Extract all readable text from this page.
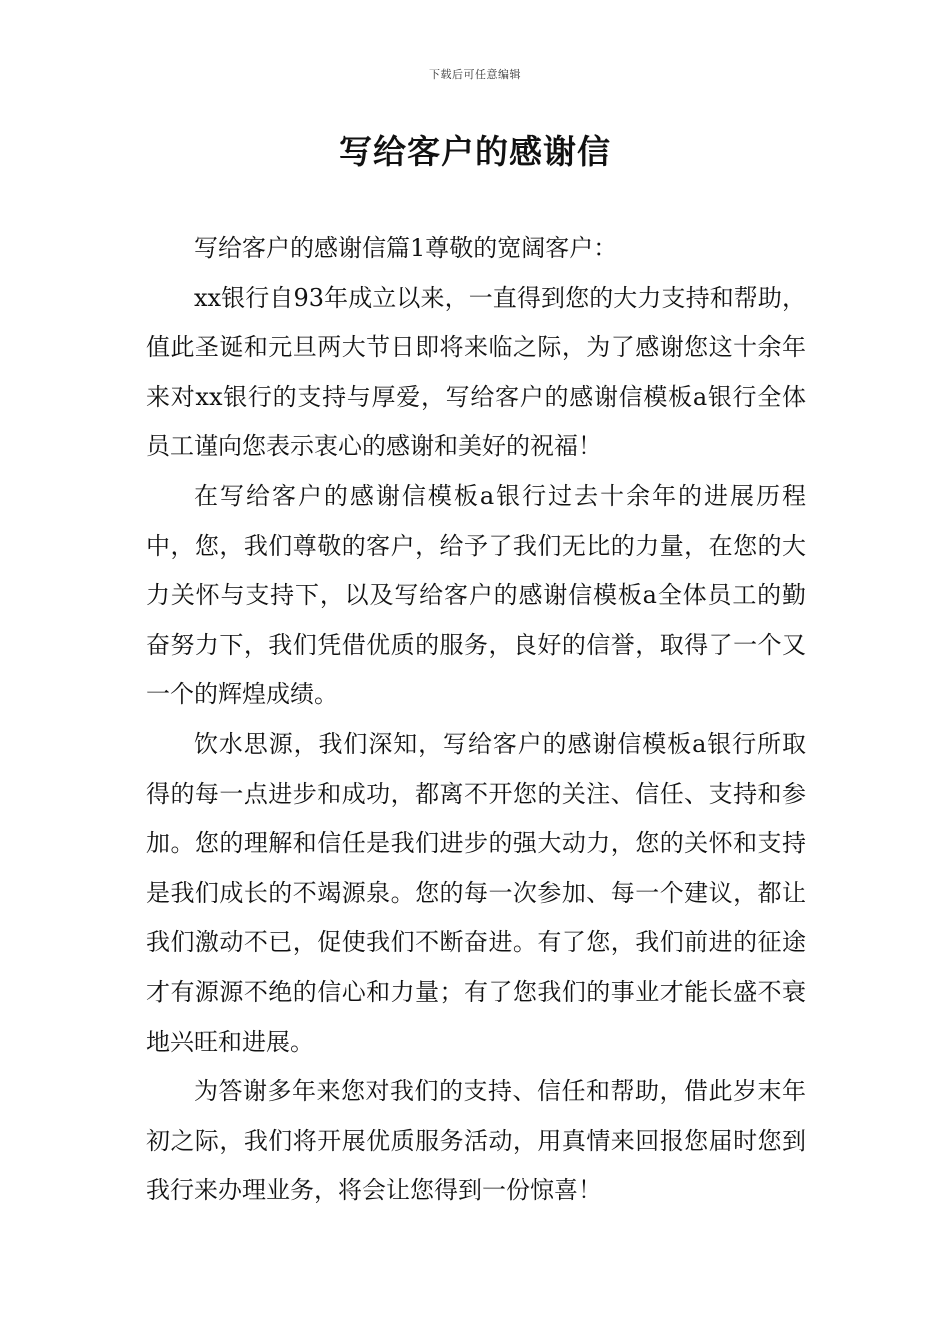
下载后可任意编辑
写给客户的感谢信

写给客户的感谢信篇1尊敬的宽阔客户：

xx银行自93年成立以来，一直得到您的大力支持和帮助，值此圣诞和元旦两大节日即将来临之际，为了感谢您这十余年来对xx银行的支持与厚爱，写给客户的感谢信模板a银行全体员工谨向您表示衷心的感谢和美好的祝福！

在写给客户的感谢信模板a银行过去十余年的进展历程中，您，我们尊敬的客户，给予了我们无比的力量，在您的大力关怀与支持下，以及写给客户的感谢信模板a全体员工的勤奋努力下，我们凭借优质的服务，良好的信誉，取得了一个又一个的辉煌成绩。

饮水思源，我们深知，写给客户的感谢信模板a银行所取得的每一点进步和成功，都离不开您的关注、信任、支持和参加。您的理解和信任是我们进步的强大动力，您的关怀和支持是我们成长的不竭源泉。您的每一次参加、每一个建议，都让我们激动不已，促使我们不断奋进。有了您，我们前进的征途才有源源不绝的信心和力量；有了您我们的事业才能长盛不衰地兴旺和进展。

为答谢多年来您对我们的支持、信任和帮助，借此岁末年初之际，我们将开展优质服务活动，用真情来回报您届时您到我行来办理业务，将会让您得到一份惊喜！
